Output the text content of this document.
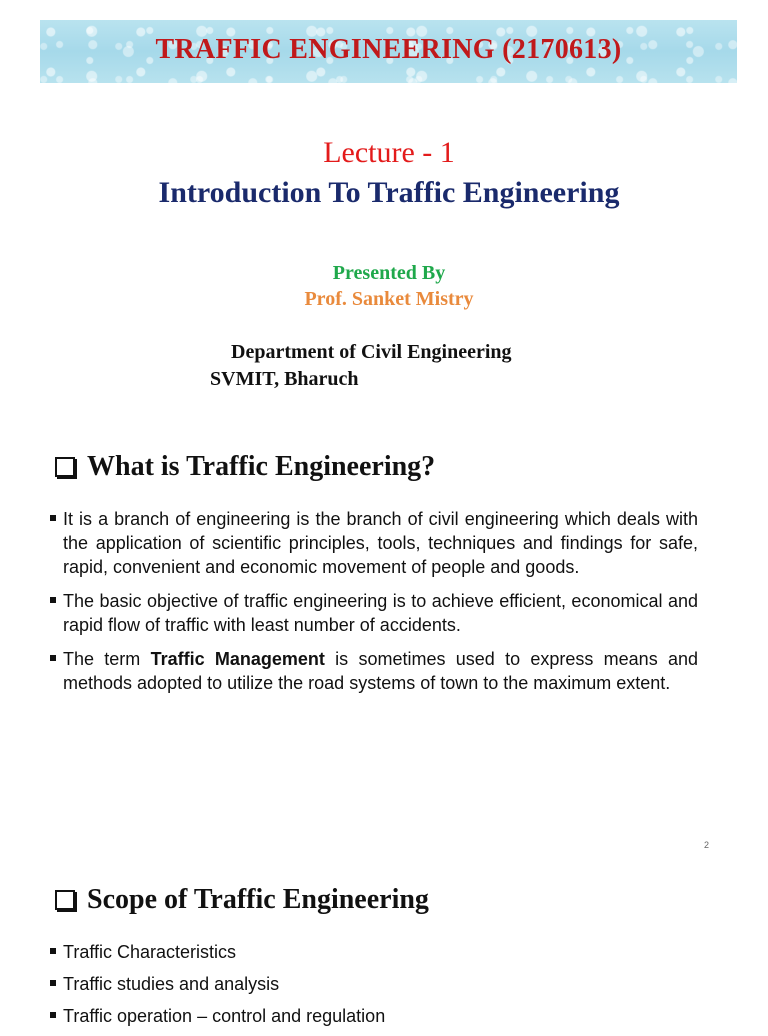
TRAFFIC ENGINEERING (2170613)
Lecture - 1
Introduction To Traffic Engineering
Presented By
Prof. Sanket Mistry
Department of Civil Engineering
SVMIT, Bharuch
What is Traffic Engineering?
It is a branch of engineering is the branch of civil engineering which deals with the application of scientific principles, tools, techniques and findings for safe, rapid, convenient and economic movement of people and goods.
The basic objective of traffic engineering is to achieve efficient, economical and rapid flow of traffic with least number of accidents.
The term Traffic Management is sometimes used to express means and methods adopted to utilize the road systems of town to the maximum extent.
2
Scope of Traffic Engineering
Traffic Characteristics
Traffic studies and analysis
Traffic operation – control and regulation
